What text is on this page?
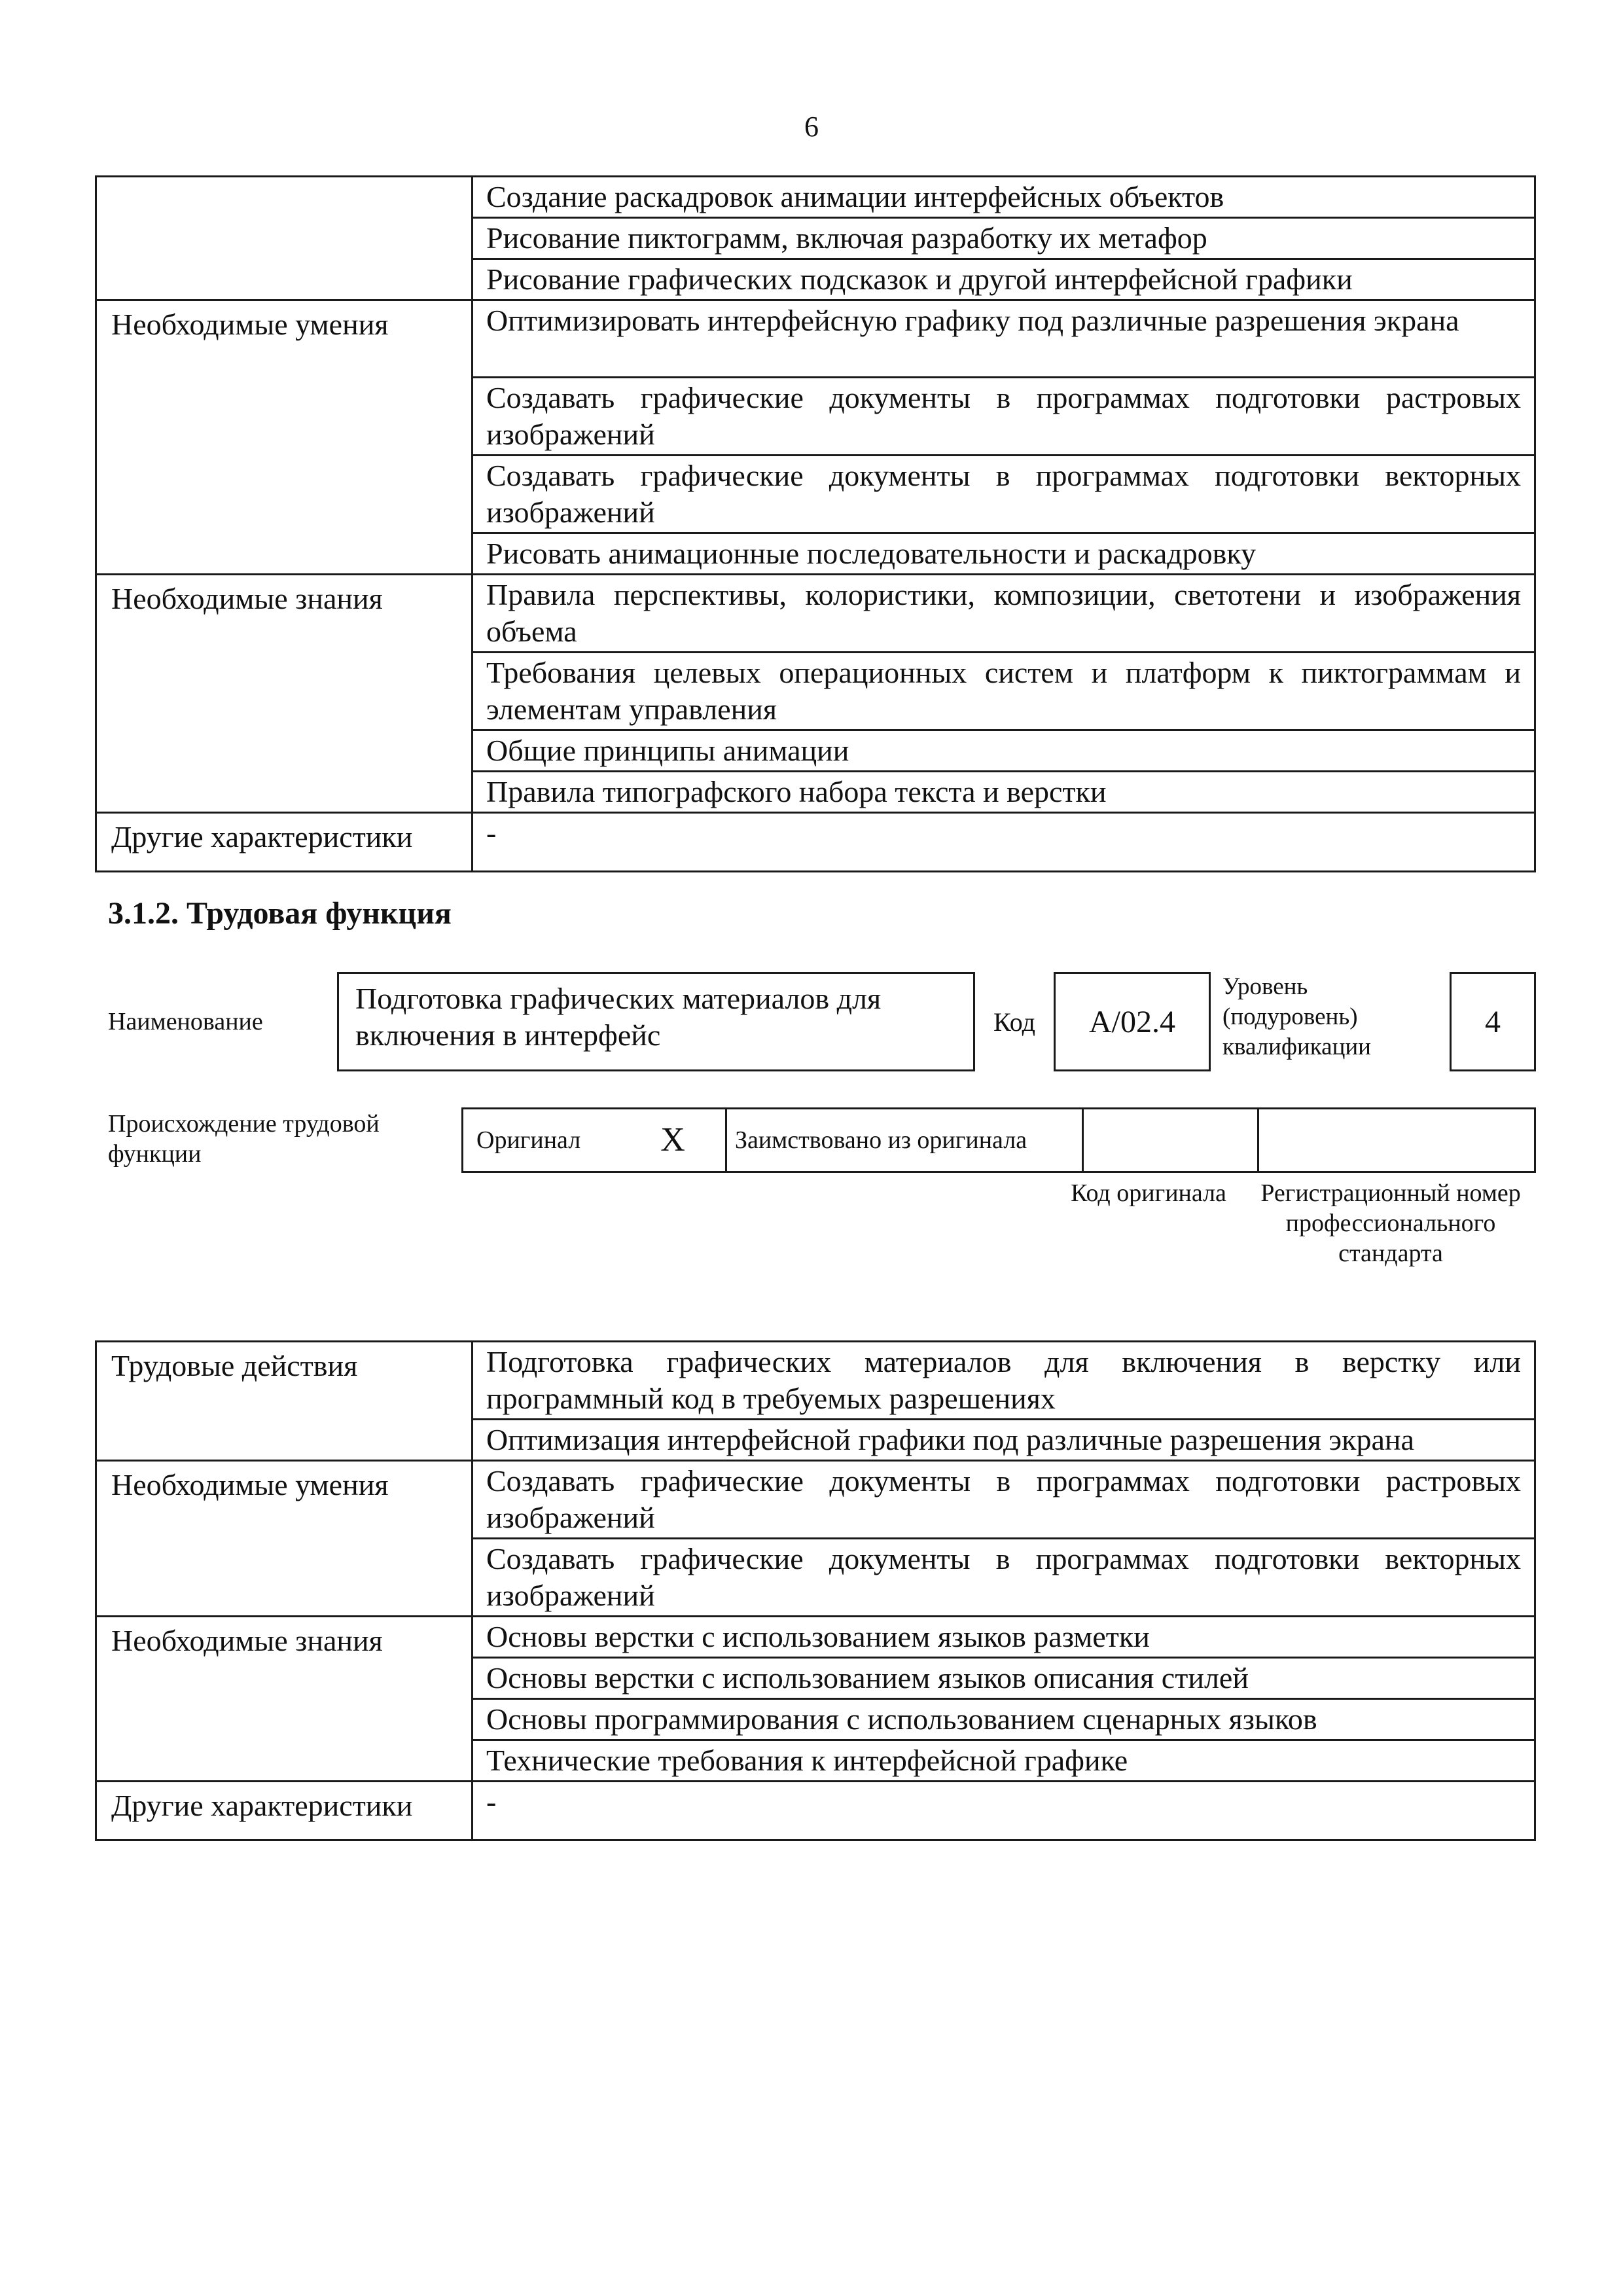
6
	Создание раскадровок анимации интерфейсных объектов
	Рисование пиктограмм, включая разработку их метафор
	Рисование графических подсказок и другой интерфейсной графики
Необходимые умения	Оптимизировать интерфейсную графику под различные разрешения экрана
	Создавать графические документы в программах подготовки растровых изображений
	Создавать графические документы в программах подготовки векторных изображений
	Рисовать анимационные последовательности и раскадровку
Необходимые знания	Правила перспективы, колористики, композиции, светотени и изображения объема
	Требования целевых операционных систем и платформ к пиктограммам и элементам управления
	Общие принципы анимации
	Правила типографского набора текста и верстки
Другие характеристики	-
3.1.2. Трудовая функция
Наименование
Подготовка графических материалов для включения в интерфейс	Код	A/02.4
Уровень (подуровень) квалификации
4
Происхождение трудовой функции	Оригинал	X	Заимствовано из оригинала		
Код оригинала	Регистрационный номер профессионального стандарта
Трудовые действия	Подготовка графических материалов для включения в верстку или программный код в требуемых разрешениях
	Оптимизация интерфейсной графики под различные разрешения экрана
Необходимые умения	Создавать графические документы в программах подготовки растровых изображений
	Создавать графические документы в программах подготовки векторных изображений
Необходимые знания	Основы верстки с использованием языков разметки
	Основы верстки с использованием языков описания стилей
	Основы программирования с использованием сценарных языков
	Технические требования к интерфейсной графике
Другие характеристики	-
